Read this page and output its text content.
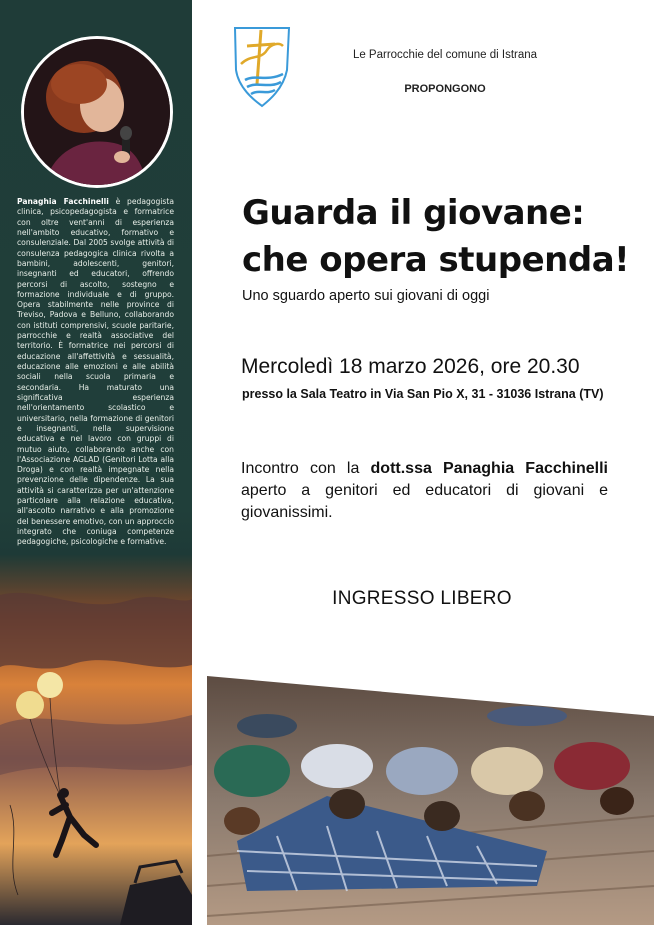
Panaghia Facchinelli è pedagogista clinica, psicopedagogista e formatrice con oltre vent'anni di esperienza nell'ambito educativo, formativo e consulenziale. Dal 2005 svolge attività di consulenza pedagogica clinica rivolta a bambini, adolescenti, genitori, insegnanti ed educatori, offrendo percorsi di ascolto, sostegno e formazione individuale e di gruppo. Opera stabilmente nelle province di Treviso, Padova e Belluno, collaborando con istituti comprensivi, scuole paritarie, parrocchie e realtà associative del territorio. È formatrice nei percorsi di educazione all'affettività e sessualità, educazione alle emozioni e alle abilità sociali nella scuola primaria e secondaria. Ha maturato una significativa esperienza nell'orientamento scolastico e universitario, nella formazione di genitori e insegnanti, nella supervisione educativa e nel lavoro con gruppi di mutuo aiuto, collaborando anche con l'Associazione AGLAD (Genitori Lotta alla Droga) e con realtà impegnate nella prevenzione delle dipendenze. La sua attività si caratterizza per un'attenzione particolare alla relazione educativa, all'ascolto narrativo e alla promozione del benessere emotivo, con un approccio integrato che coniuga competenze pedagogiche, psicologiche e formative.
Le Parrocchie del comune di Istrana
PROPONGONO
Guarda il giovane:
che opera stupenda!
Uno sguardo aperto sui giovani di oggi
Mercoledì 18 marzo 2026, ore 20.30
presso la Sala Teatro in Via San Pio X, 31 - 31036 Istrana (TV)
Incontro con la dott.ssa Panaghia Facchinelli aperto a genitori ed educatori di giovani e giovanissimi.
INGRESSO LIBERO
